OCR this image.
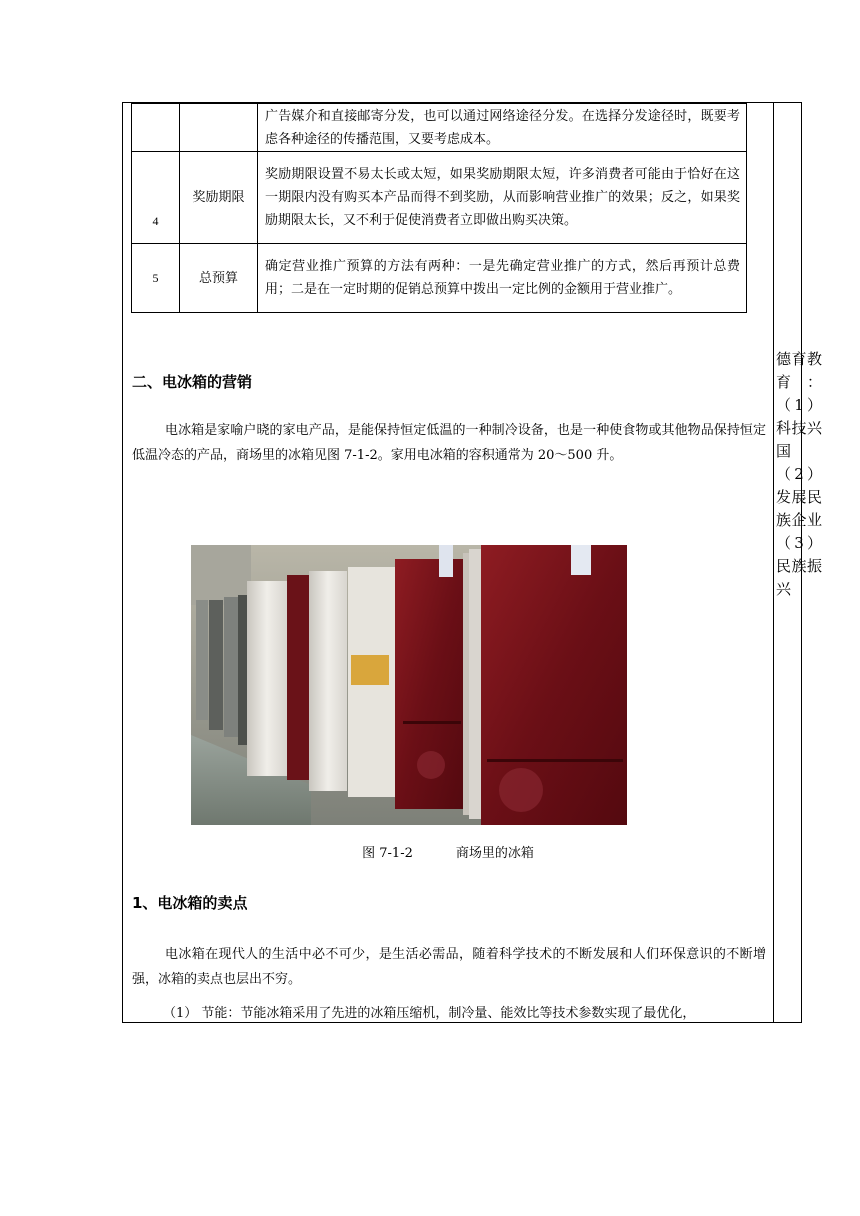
		广告媒介和直接邮寄分发，也可以通过网络途径分发。在选择分发途径时，既要考虑各种途径的传播范围，又要考虑成本。
4	奖励期限	奖励期限设置不易太长或太短，如果奖励期限太短，许多消费者可能由于恰好在这一期限内没有购买本产品而得不到奖励，从而影响营业推广的效果；反之，如果奖励期限太长，又不利于促使消费者立即做出购买决策。
5	总预算	确定营业推广预算的方法有两种：一是先确定营业推广的方式，然后再预计总费用；二是在一定时期的促销总预算中拨出一定比例的金额用于营业推广。
二、电冰箱的营销
电冰箱是家喻户晓的家电产品，是能保持恒定低温的一种制冷设备，也是一种使食物或其他物品保持恒定低温冷态的产品，商场里的冰箱见图 7-1-2。家用电冰箱的容积通常为 20～500 升。
图 7-1-2	商场里的冰箱
1、电冰箱的卖点
电冰箱在现代人的生活中必不可少，是生活必需品，随着科学技术的不断发展和人们环保意识的不断增强，冰箱的卖点也层出不穷。
（1） 节能：节能冰箱采用了先进的冰箱压缩机，制冷量、能效比等技术参数实现了最优化，
德育教育：（1）科技兴国（2）发展民族企业（3）民族振兴
